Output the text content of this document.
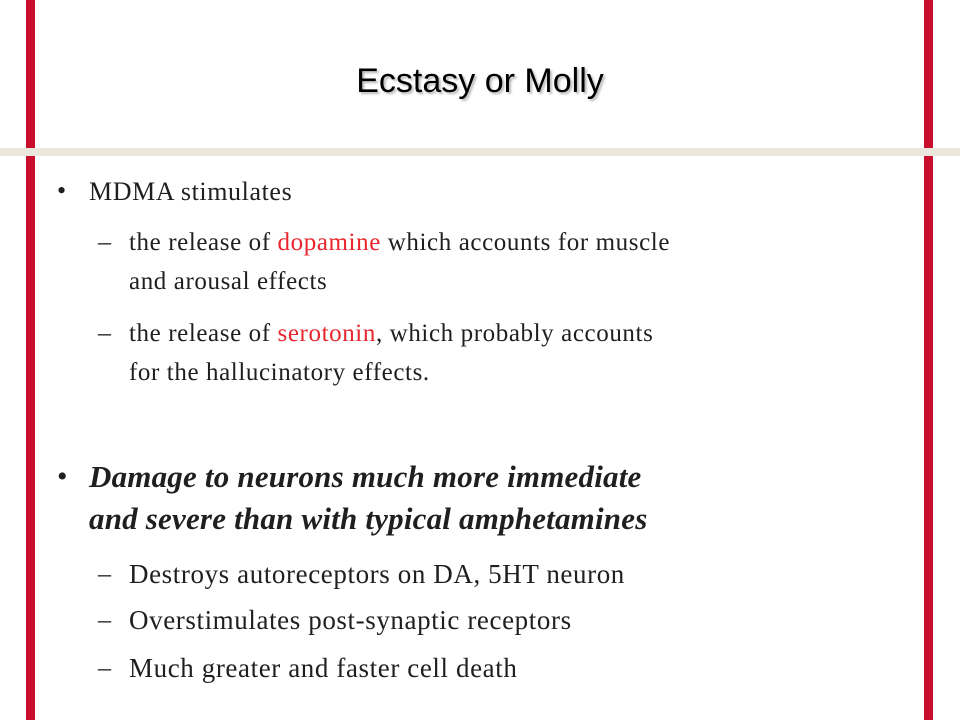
Ecstasy or Molly
• MDMA stimulates
– the release of dopamine which accounts for muscle
and arousal effects
– the release of serotonin, which probably accounts
for the hallucinatory effects.
• Damage to neurons much more immediate
and severe than with typical amphetamines
– Destroys autoreceptors on DA, 5HT neuron
– Overstimulates post-synaptic receptors
– Much greater and faster cell death
